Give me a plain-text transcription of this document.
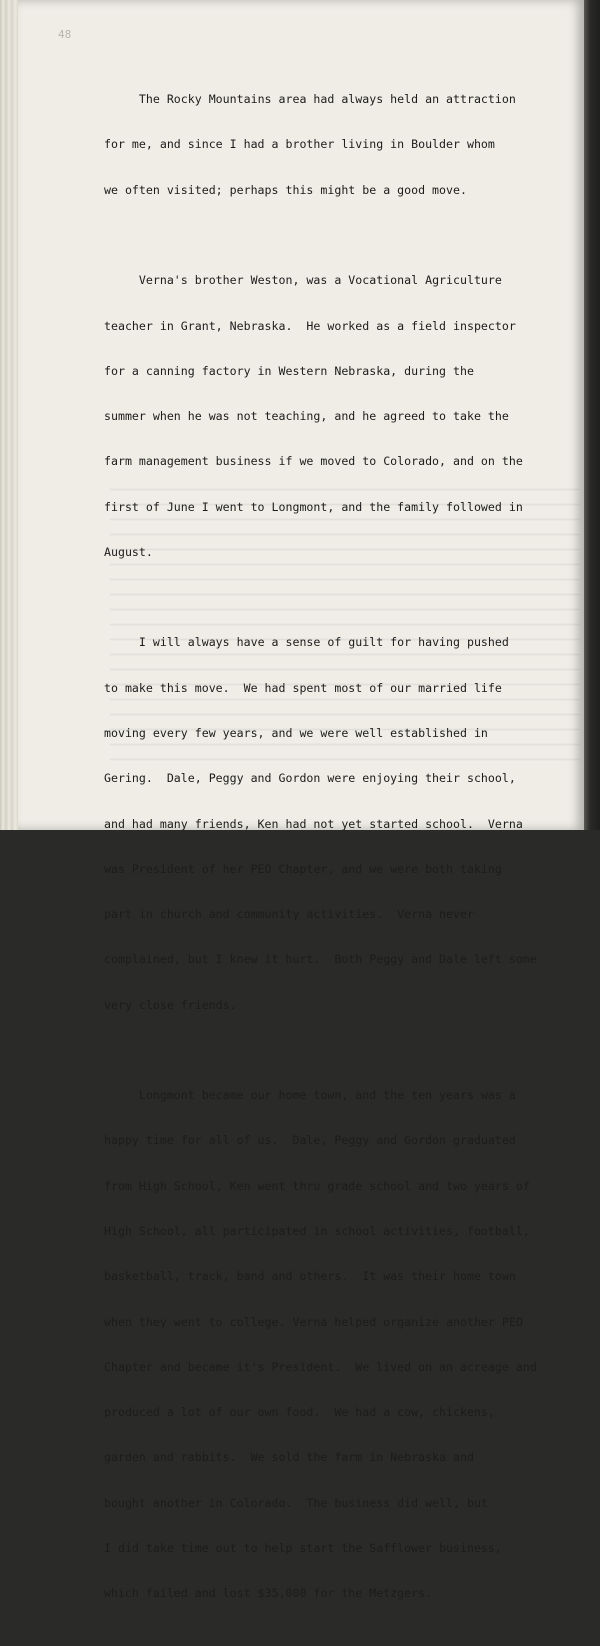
48

The Rocky Mountains area had always held an attraction

for me, and since I had a brother living in Boulder whom

we often visited; perhaps this might be a good move.

Verna's brother Weston, was a Vocational Agriculture

teacher in Grant, Nebraska.  He worked as a field inspector

for a canning factory in Western Nebraska, during the

summer when he was not teaching, and he agreed to take the

farm management business if we moved to Colorado, and on the

first of June I went to Longmont, and the family followed in

August.

I will always have a sense of guilt for having pushed

to make this move.  We had spent most of our married life

moving every few years, and we were well established in

Gering.  Dale, Peggy and Gordon were enjoying their school,

and had many friends, Ken had not yet started school.  Verna

was President of her PEO Chapter, and we were both taking

part in church and community activities.  Verna never

complained, but I knew it hurt.  Both Peggy and Dale left some

very close friends.

Longmont became our home town, and the ten years was a

happy time for all of us.  Dale, Peggy and Gordon graduated

from High School, Ken went thru grade school and two years of

High School, all participated in school activities, football,

basketball, track, band and others.  It was their home town

when they went to college. Verna helped organize another PEO

Chapter and became it's President.  We lived on an acreage and

produced a lot of our own food.  We had a cow, chickens,

garden and rabbits.  We sold the farm in Nebraska and

bought another in Colorado.  The business did well, but

I did take time out to help start the Safflower business,

which failed and lost $35,000 for the Metzgers.
